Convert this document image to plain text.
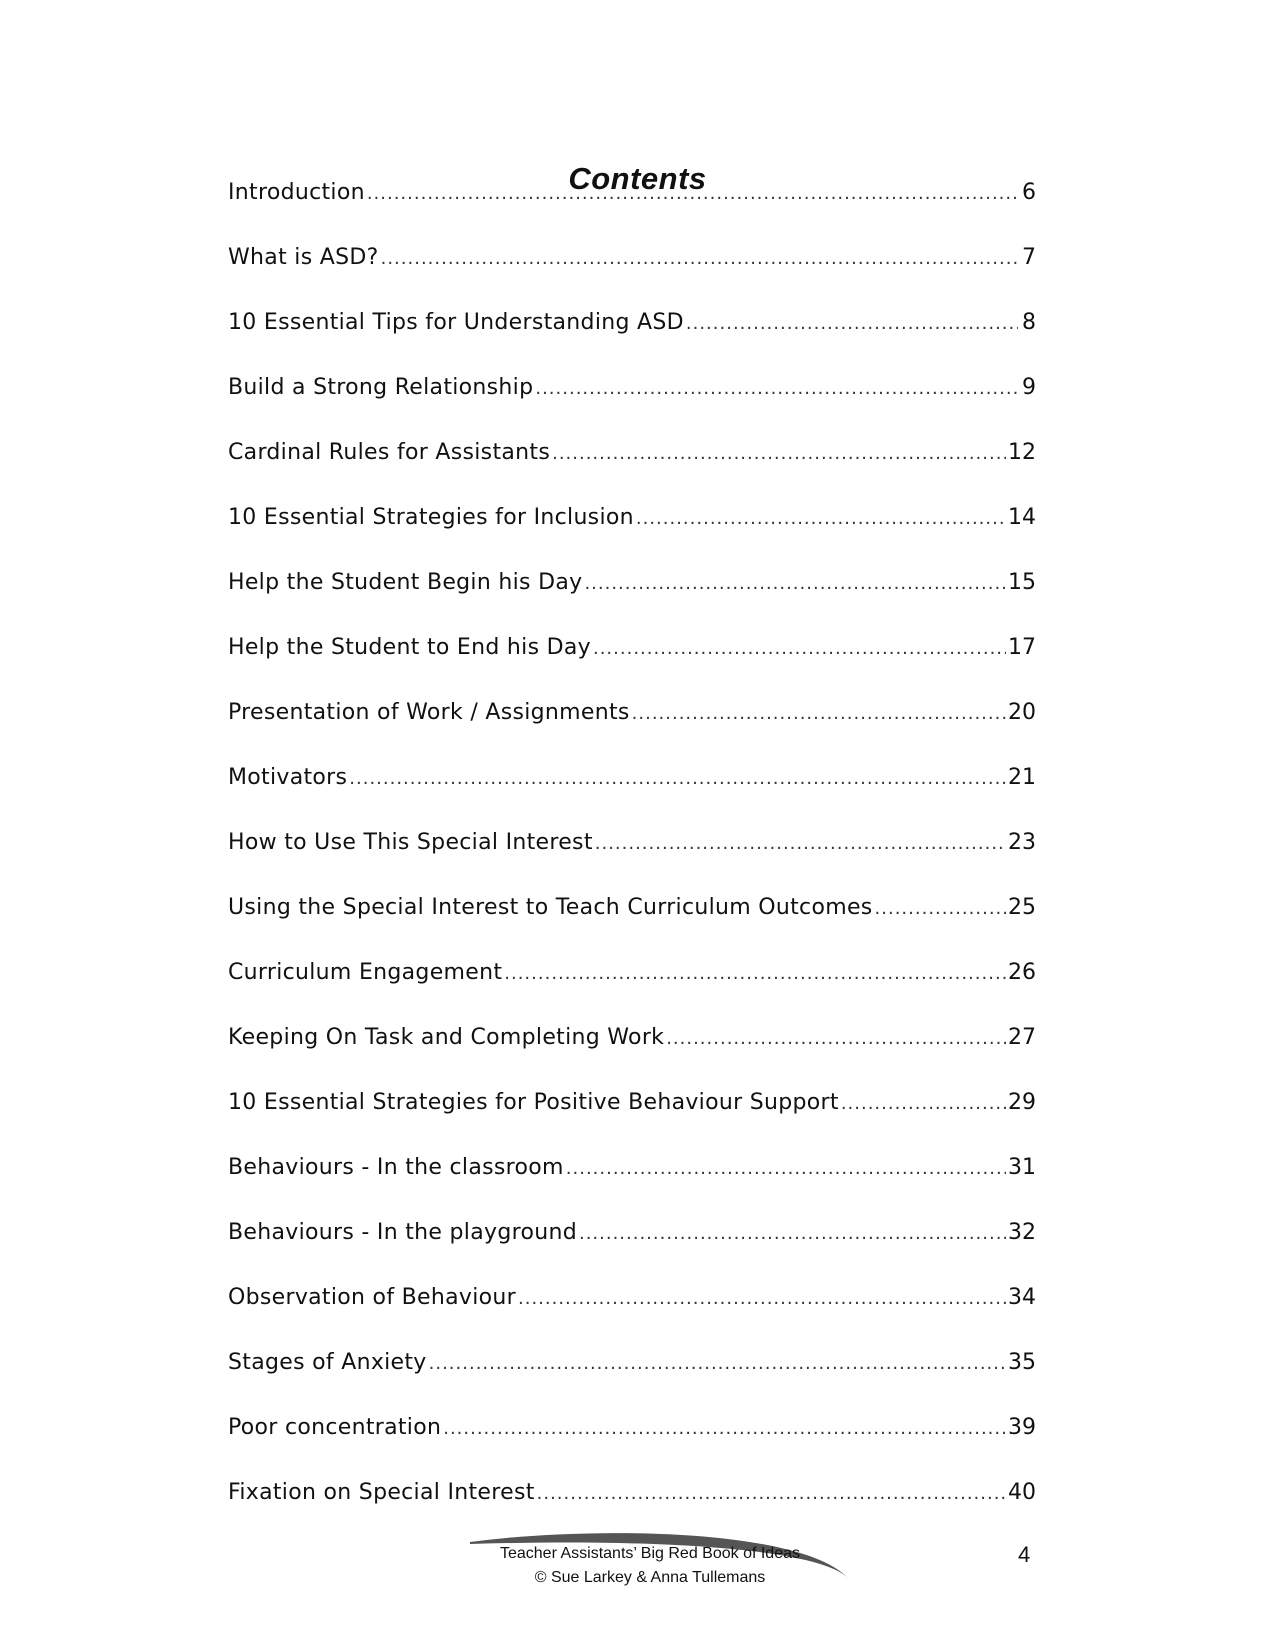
Contents
Introduction .....	6
What is ASD? .....	7
10 Essential Tips for Understanding ASD .....	8
Build a Strong Relationship .....	9
Cardinal Rules for Assistants .....	12
10 Essential Strategies for Inclusion .....	14
Help the Student Begin his Day .....	15
Help the Student to End his Day .....	17
Presentation of Work / Assignments .....	20
Motivators .....	21
How to Use This Special Interest .....	23
Using the Special Interest to Teach Curriculum Outcomes .....	25
Curriculum Engagement .....	26
Keeping On Task and Completing Work .....	27
10 Essential Strategies for Positive Behaviour Support .....	29
Behaviours - In the classroom .....	31
Behaviours - In the playground .....	32
Observation of Behaviour .....	34
Stages of Anxiety .....	35
Poor concentration .....	39
Fixation on Special Interest .....	40
Teacher Assistants’ Big Red Book of Ideas
© Sue Larkey & Anna Tullemans
4
